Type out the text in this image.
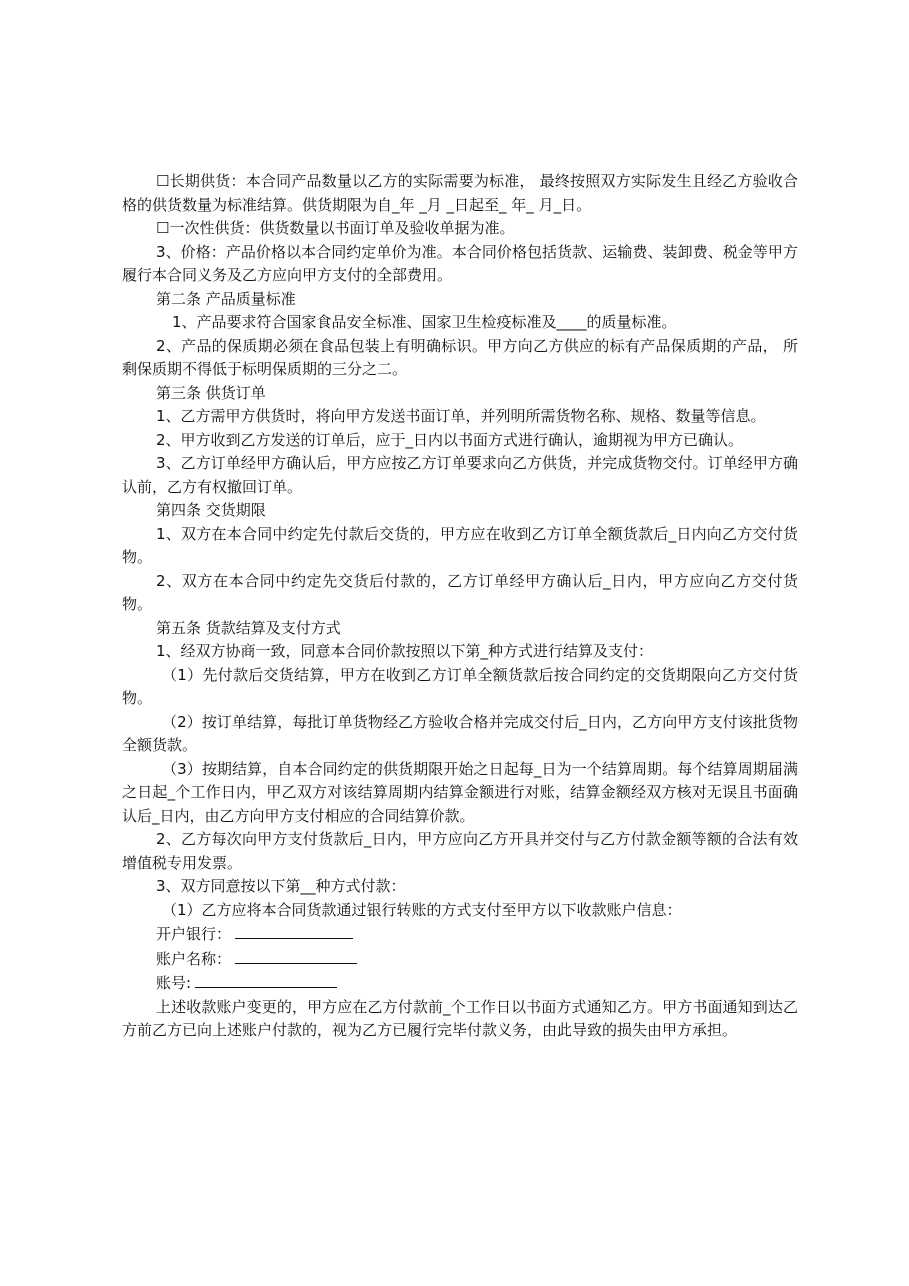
☐长期供货：本合同产品数量以乙方的实际需要为标准， 最终按照双方实际发生且经乙方验收合格的供货数量为标准结算。供货期限为自_年 _月 _日起至_ 年_ 月_日。

☐一次性供货：供货数量以书面订单及验收单据为准。

3、价格：产品价格以本合同约定单价为准。本合同价格包括货款、运输费、装卸费、税金等甲方履行本合同义务及乙方应向甲方支付的全部费用。

第二条 产品质量标准

1、产品要求符合国家食品安全标准、国家卫生检疫标准及____的质量标准。

2、产品的保质期必须在食品包装上有明确标识。甲方向乙方供应的标有产品保质期的产品， 所剩保质期不得低于标明保质期的三分之二。

第三条 供货订单

1、乙方需甲方供货时，将向甲方发送书面订单，并列明所需货物名称、规格、数量等信息。

2、甲方收到乙方发送的订单后，应于_日内以书面方式进行确认，逾期视为甲方已确认。

3、乙方订单经甲方确认后，甲方应按乙方订单要求向乙方供货，并完成货物交付。订单经甲方确认前，乙方有权撤回订单。

第四条 交货期限

1、双方在本合同中约定先付款后交货的，甲方应在收到乙方订单全额货款后_日内向乙方交付货物。

2、双方在本合同中约定先交货后付款的，乙方订单经甲方确认后_日内，甲方应向乙方交付货物。

第五条 货款结算及支付方式

1、经双方协商一致，同意本合同价款按照以下第_种方式进行结算及支付：

（1）先付款后交货结算，甲方在收到乙方订单全额货款后按合同约定的交货期限向乙方交付货物。

（2）按订单结算，每批订单货物经乙方验收合格并完成交付后_日内，乙方向甲方支付该批货物全额货款。

（3）按期结算，自本合同约定的供货期限开始之日起每_日为一个结算周期。每个结算周期届满之日起_个工作日内，甲乙双方对该结算周期内结算金额进行对账，结算金额经双方核对无误且书面确认后_日内，由乙方向甲方支付相应的合同结算价款。

2、乙方每次向甲方支付货款后_日内，甲方应向乙方开具并交付与乙方付款金额等额的合法有效增值税专用发票。

3、双方同意按以下第__种方式付款：

（1）乙方应将本合同货款通过银行转账的方式支付至甲方以下收款账户信息：

开户银行：

账户名称：

账号:

上述收款账户变更的，甲方应在乙方付款前_个工作日以书面方式通知乙方。甲方书面通知到达乙方前乙方已向上述账户付款的，视为乙方已履行完毕付款义务，由此导致的损失由甲方承担。
